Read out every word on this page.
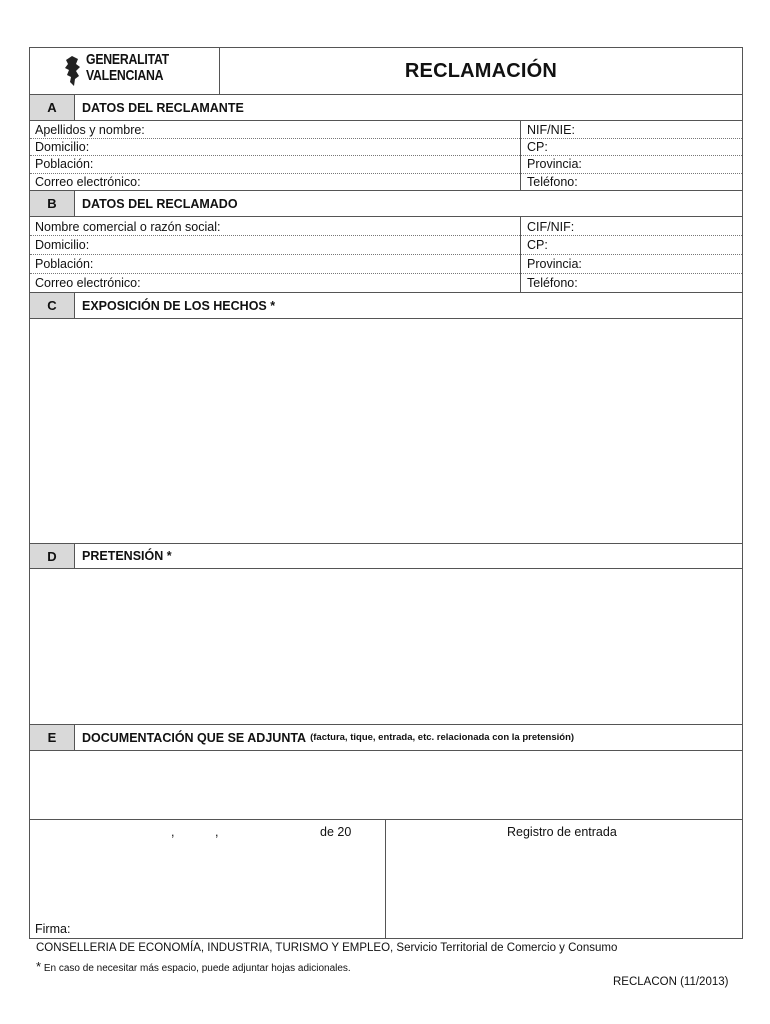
GENERALITAT
VALENCIANA	RECLAMACIÓN
A	DATOS DEL RECLAMANTE
Apellidos y nombre:	NIF/NIE:
Domicilio:	CP:
Población:	Provincia:
Correo electrónico:	Teléfono:
B	DATOS DEL RECLAMADO
Nombre comercial o razón social:	CIF/NIF:
Domicilio:	CP:
Población:	Provincia:
Correo electrónico:	Teléfono:
C	EXPOSICIÓN DE LOS HECHOS *
D	PRETENSIÓN *
E	DOCUMENTACIÓN QUE SE ADJUNTA (factura, tique, entrada, etc. relacionada con la pretensión)
,	,	de 20
Firma:
Registro de entrada
CONSELLERIA DE ECONOMÍA, INDUSTRIA, TURISMO Y EMPLEO, Servicio Territorial de Comercio y Consumo
* En caso de necesitar más espacio, puede adjuntar hojas adicionales.
RECLACON (11/2013)
